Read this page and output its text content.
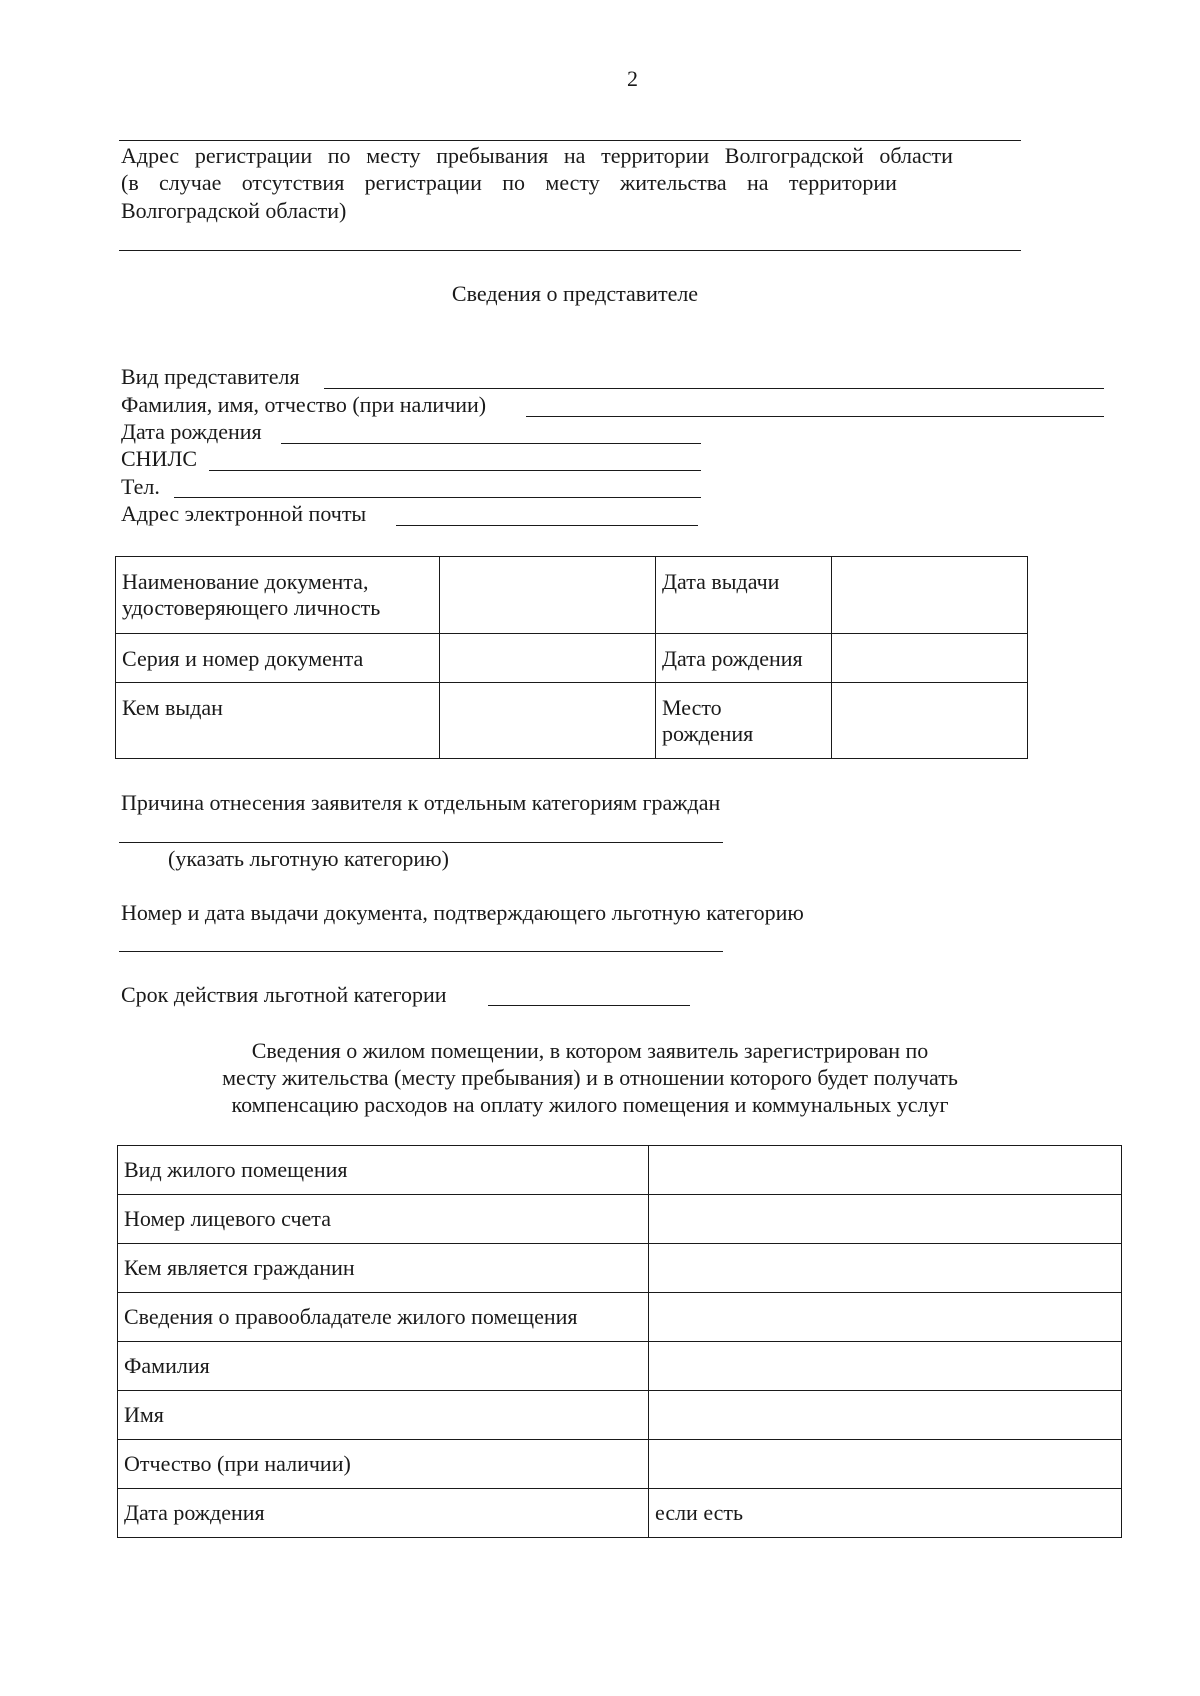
2
Адрес регистрации по месту пребывания на территории Волгоградской области
(в случае отсутствия регистрации по месту жительства на территории
Волгоградской области)
Сведения о представителе
Вид представителя
Фамилия, имя, отчество (при наличии)
Дата рождения
СНИЛС
Тел.
Адрес электронной почты
Наименование документа,
удостоверяющего личность		Дата выдачи	
Серия и номер документа		Дата рождения	
Кем выдан		Место
рождения	

Причина отнесения заявителя к отдельным категориям граждан
(указать льготную категорию)
Номер и дата выдачи документа, подтверждающего льготную категорию
Срок действия льготной категории
Сведения о жилом помещении, в котором заявитель зарегистрирован по
месту жительства (месту пребывания) и в отношении которого будет получать
компенсацию расходов на оплату жилого помещения и коммунальных услуг
Вид жилого помещения	
Номер лицевого счета	
Кем является гражданин	
Сведения о правообладателе жилого помещения	
Фамилия	
Имя	
Отчество (при наличии)	
Дата рождения	если есть
